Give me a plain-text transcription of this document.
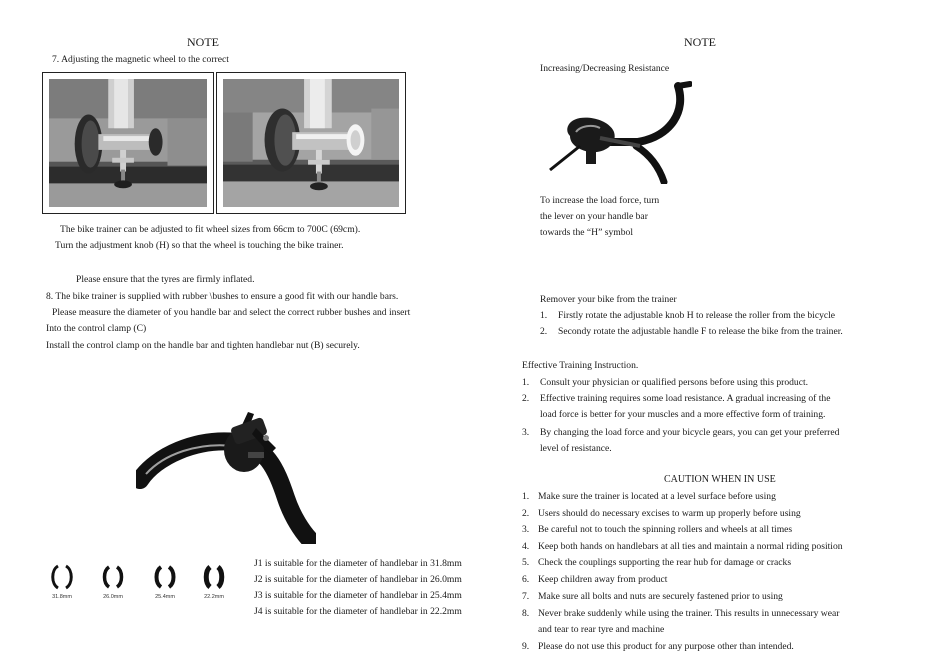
NOTE
7. Adjusting the magnetic wheel to the correct
The bike trainer can be adjusted to fit wheel sizes from 66cm to 700C (69cm).
Turn the adjustment knob (H) so that the wheel is touching the bike trainer.
Please ensure that the tyres are firmly inflated.
8. The bike trainer is supplied with rubber \bushes to ensure a good fit with our handle bars.
Please measure the diameter of you handle bar and select the correct rubber bushes and insert
Into the control clamp (C)
Install the control clamp on the handle bar and tighten handlebar nut (B) securely.
31.8mm	26.0mm	25.4mm	22.2mm
J1 is suitable for the diameter of handlebar in 31.8mm
J2 is suitable for the diameter of handlebar in 26.0mm
J3 is suitable for the diameter of handlebar in 25.4mm
J4 is suitable for the diameter of handlebar in 22.2mm
NOTE
Increasing/Decreasing Resistance
To increase the load force, turn
the lever on your handle bar
towards the “H” symbol
Remover your bike from the trainer
1. Firstly rotate the adjustable knob H to release the roller from the bicycle
2. Secondy rotate the adjustable handle F to release the bike from the trainer.
Effective Training Instruction.
1. Consult your physician or qualified persons before using this product.
2. Effective training requires some load resistance. A gradual increasing of the
load force is better for your muscles and a more effective form of training.
3. By changing the load force and your bicycle gears, you can get your preferred
level of resistance.
CAUTION WHEN IN USE
1. Make sure the trainer is located at a level surface before using
2. Users should do necessary excises to warm up properly before using
3. Be careful not to touch the spinning rollers and wheels at all times
4. Keep both hands on handlebars at all ties and maintain a normal riding position
5. Check the couplings supporting the rear hub for damage or cracks
6. Keep children away from product
7. Make sure all bolts and nuts are securely fastened prior to using
8. Never brake suddenly while using the trainer. This results in unnecessary wear
and tear to rear tyre and machine
9. Please do not use this product for any purpose other than intended.
